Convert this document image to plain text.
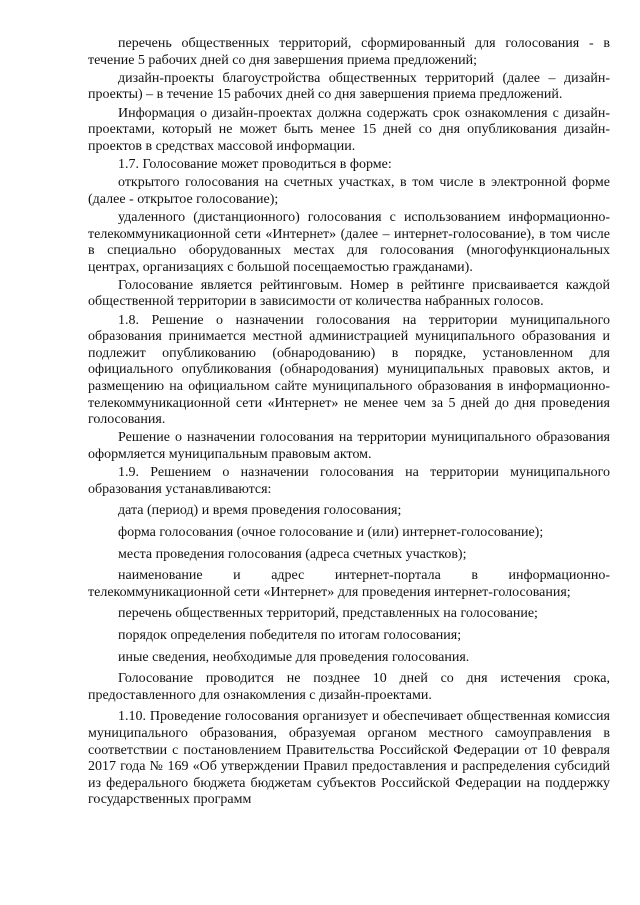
перечень общественных территорий, сформированный для голосования - в течение 5 рабочих дней со дня завершения приема предложений;

дизайн-проекты благоустройства общественных территорий (далее – дизайн-проекты) – в течение 15 рабочих дней со дня завершения приема предложений.

Информация о дизайн-проектах должна содержать срок ознакомления с дизайн-проектами, который не может быть менее 15 дней со дня опубликования дизайн-проектов в средствах массовой информации.

1.7. Голосование может проводиться в форме:

открытого голосования на счетных участках, в том числе в электронной форме (далее - открытое голосование);

удаленного (дистанционного) голосования с использованием информационно-телекоммуникационной сети «Интернет» (далее – интернет-голосование), в том числе в специально оборудованных местах для голосования (многофункциональных центрах, организациях с большой посещаемостью гражданами).

Голосование является рейтинговым. Номер в рейтинге присваивается каждой общественной территории в зависимости от количества набранных голосов.

1.8. Решение о назначении голосования на территории муниципального образования принимается местной администрацией муниципального образования и подлежит опубликованию (обнародованию) в порядке, установленном для официального опубликования (обнародования) муниципальных правовых актов, и размещению на официальном сайте муниципального образования в информационно-телекоммуникационной сети «Интернет» не менее чем за 5 дней до дня проведения голосования.

Решение о назначении голосования на территории муниципального образования оформляется муниципальным правовым актом.

1.9. Решением о назначении голосования на территории муниципального образования устанавливаются:

дата (период) и время проведения голосования;

форма голосования (очное голосование и (или) интернет-голосование);

места проведения голосования (адреса счетных участков);

наименование и адрес интернет-портала в информационно-телекоммуникационной сети «Интернет» для проведения интернет-голосования;

перечень общественных территорий, представленных на голосование;

порядок определения победителя по итогам голосования;

иные сведения, необходимые для проведения голосования.

Голосование проводится не позднее 10 дней со дня истечения срока, предоставленного для ознакомления с дизайн-проектами.

1.10. Проведение голосования организует и обеспечивает общественная комиссия муниципального образования, образуемая органом местного самоуправления в соответствии с постановлением Правительства Российской Федерации от 10 февраля 2017 года № 169 «Об утверждении Правил предоставления и распределения субсидий из федерального бюджета бюджетам субъектов Российской Федерации на поддержку государственных программ
